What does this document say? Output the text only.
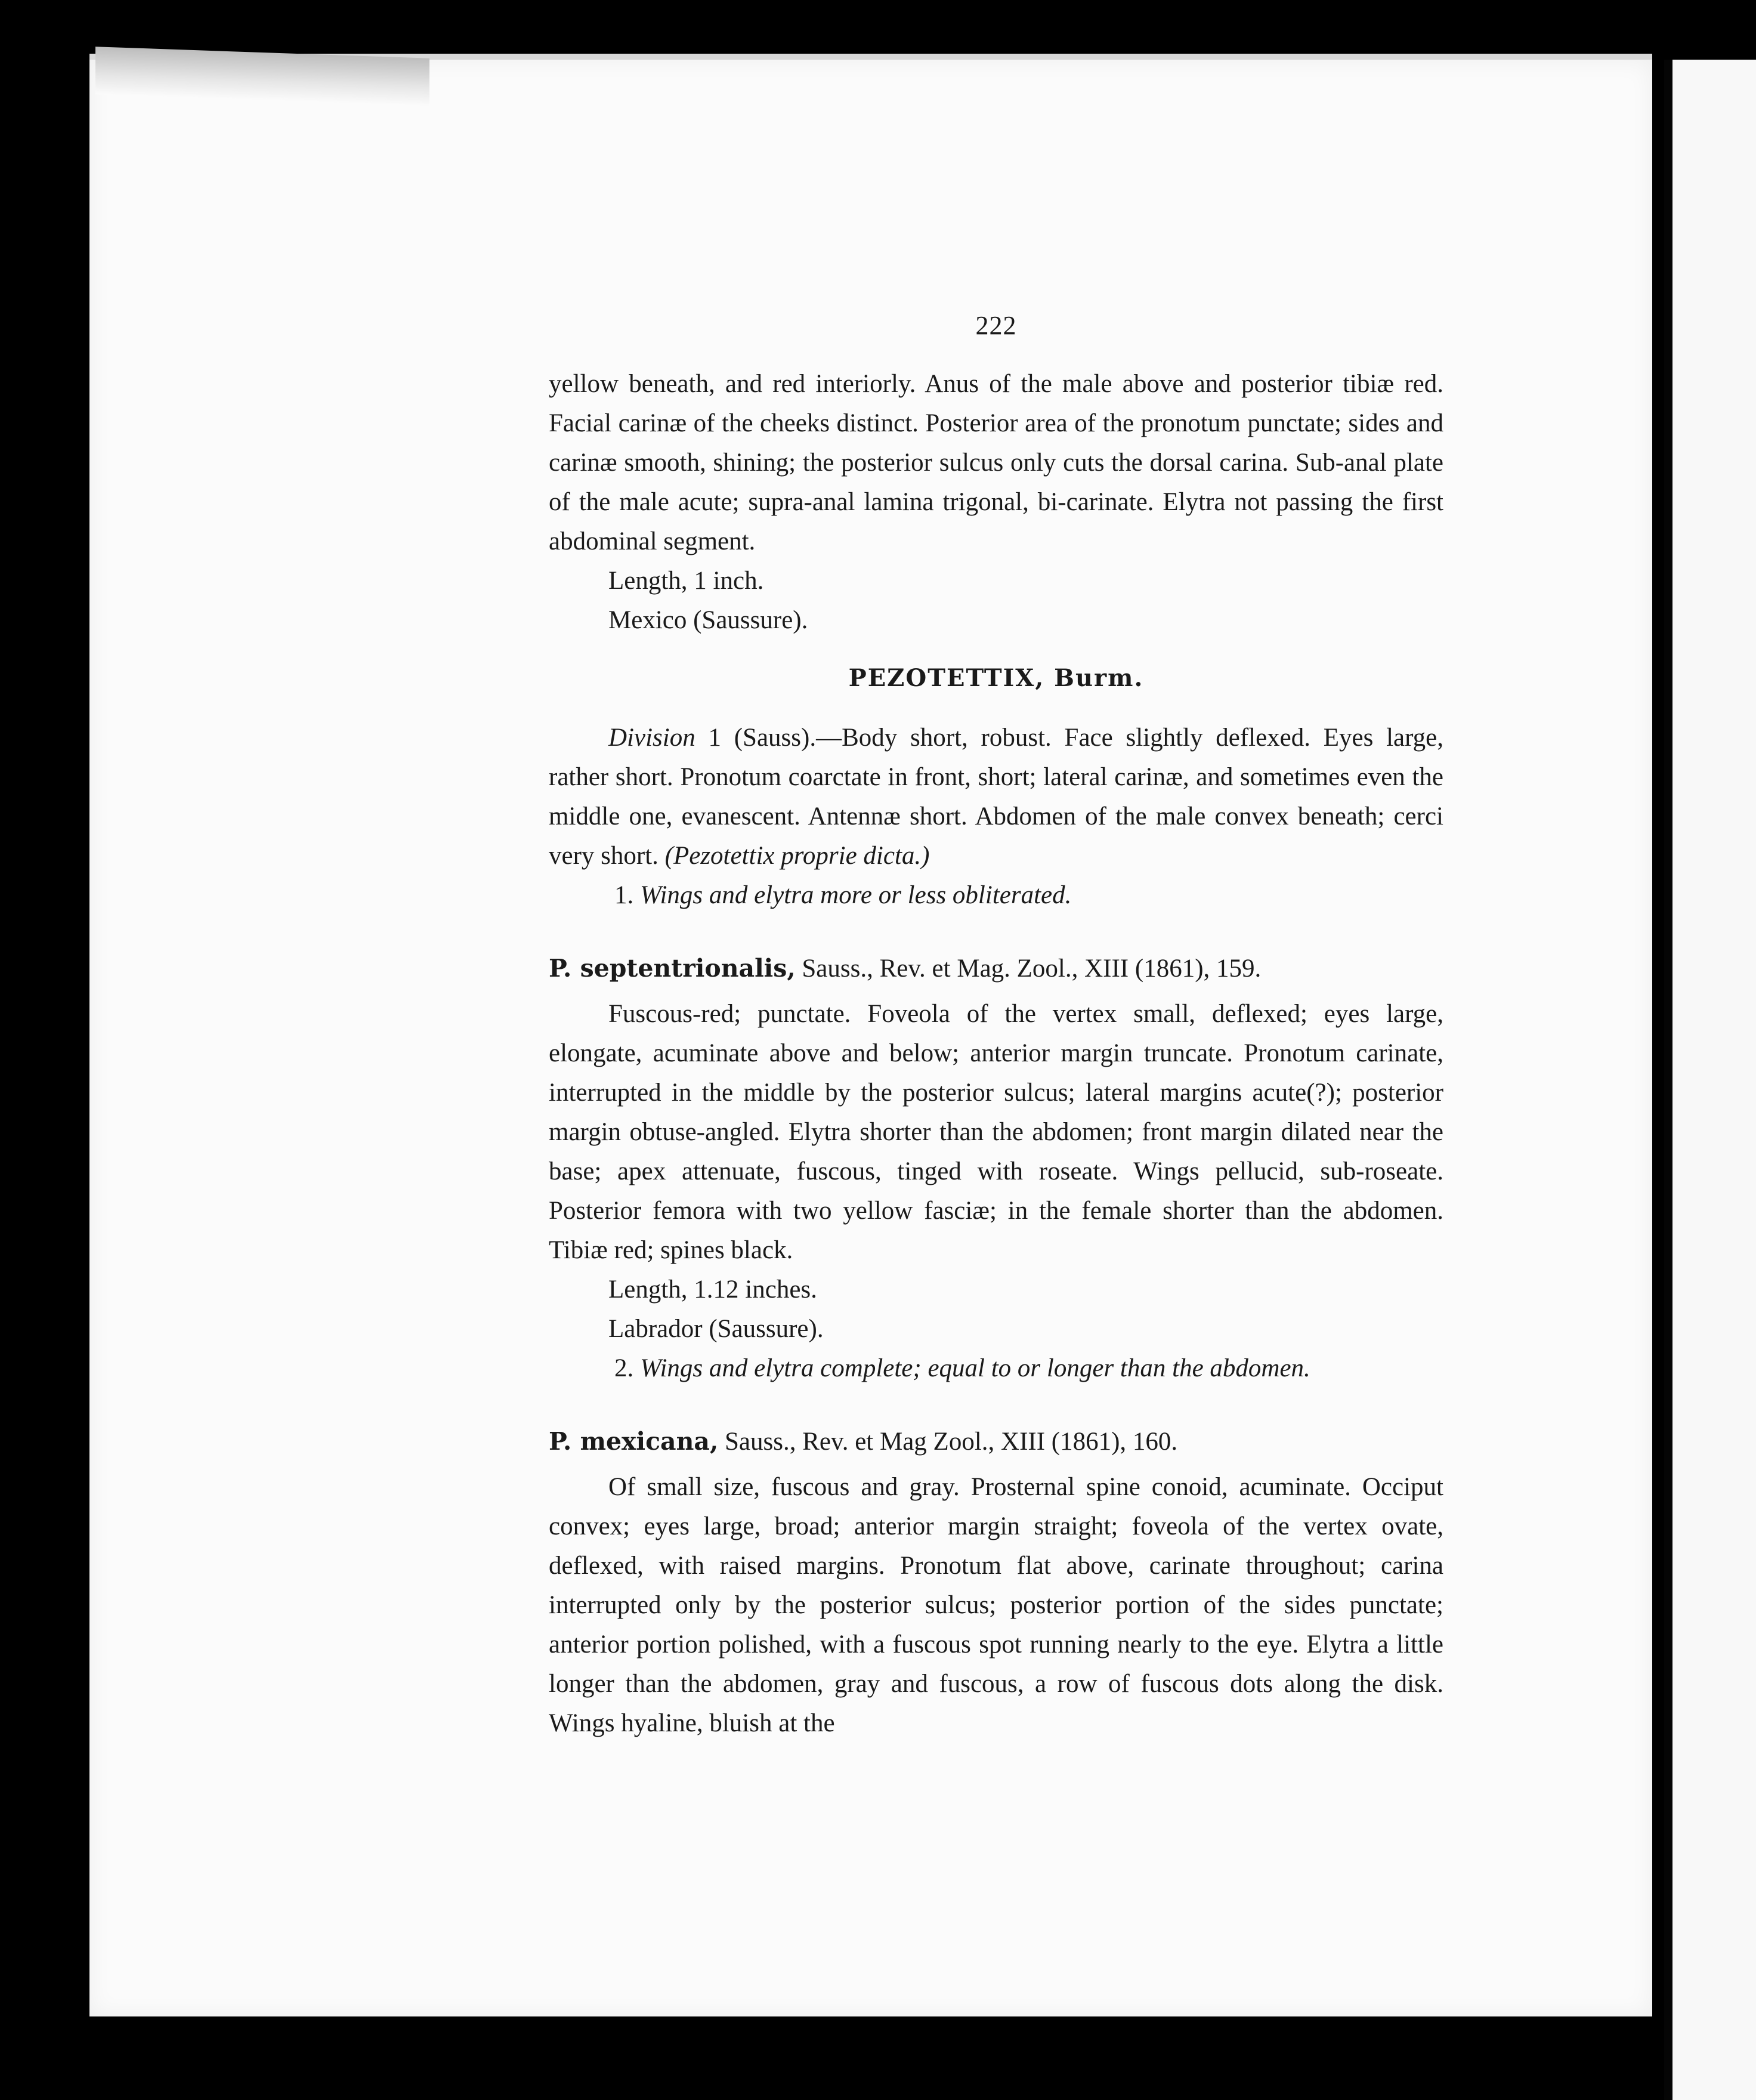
222

yellow beneath, and red interiorly. Anus of the male above and posterior tibiæ red. Facial carinæ of the cheeks distinct. Posterior area of the pronotum punctate; sides and carinæ smooth, shining; the posterior sulcus only cuts the dorsal carina. Sub-anal plate of the male acute; supra-anal lamina trigonal, bi-carinate. Elytra not passing the first abdominal segment.

Length, 1 inch.

Mexico (Saussure).

PEZOTETTIX, Burm.

Division 1 (Sauss).—Body short, robust. Face slightly deflexed. Eyes large, rather short. Pronotum coarctate in front, short; lateral carinæ, and sometimes even the middle one, evanescent. Antennæ short. Abdomen of the male convex beneath; cerci very short. (Pezotettix proprie dicta.)

1. Wings and elytra more or less obliterated.

P. septentrionalis, Sauss., Rev. et Mag. Zool., XIII (1861), 159.

Fuscous-red; punctate. Foveola of the vertex small, deflexed; eyes large, elongate, acuminate above and below; anterior margin truncate. Pronotum carinate, interrupted in the middle by the posterior sulcus; lateral margins acute(?); posterior margin obtuse-angled. Elytra shorter than the abdomen; front margin dilated near the base; apex attenuate, fuscous, tinged with roseate. Wings pellucid, sub-roseate. Posterior femora with two yellow fasciæ; in the female shorter than the abdomen. Tibiæ red; spines black.

Length, 1.12 inches.

Labrador (Saussure).

2. Wings and elytra complete; equal to or longer than the abdomen.

P. mexicana, Sauss., Rev. et Mag Zool., XIII (1861), 160.

Of small size, fuscous and gray. Prosternal spine conoid, acuminate. Occiput convex; eyes large, broad; anterior margin straight; foveola of the vertex ovate, deflexed, with raised margins. Pronotum flat above, carinate throughout; carina interrupted only by the posterior sulcus; posterior portion of the sides punctate; anterior portion polished, with a fuscous spot running nearly to the eye. Elytra a little longer than the abdomen, gray and fuscous, a row of fuscous dots along the disk. Wings hyaline, bluish at the
